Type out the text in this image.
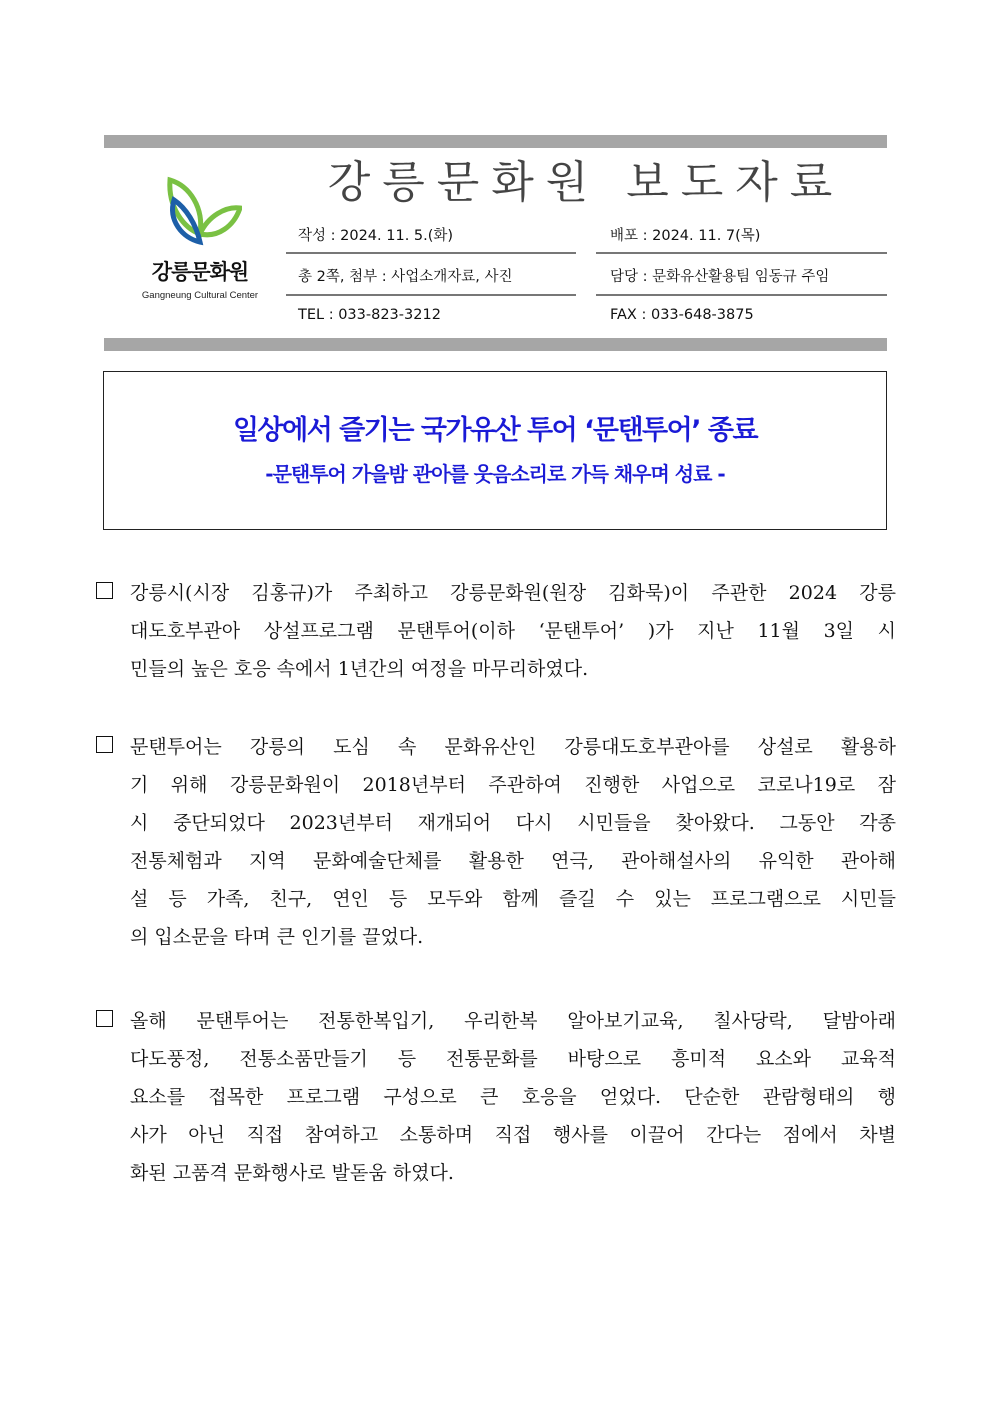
강릉문화원
Gangneung Cultural Center
강릉문화원 보도자료
작성 : 2024. 11. 5.(화)	배포 : 2024. 11. 7(목)
총 2쪽, 첨부 : 사업소개자료, 사진	담당 : 문화유산활용팀 임동규 주임
TEL : 033-823-3212	FAX : 033-648-3875
일상에서 즐기는 국가유산 투어 ‘문탠투어’ 종료
-문탠투어 가을밤 관아를 웃음소리로 가득 채우며 성료 -
강릉시(시장 김홍규)가 주최하고 강릉문화원(원장 김화묵)이 주관한 2024 강릉
대도호부관아 상설프로그램 문탠투어(이하 ‘문탠투어’ )가 지난 11월 3일 시
민들의 높은 호응 속에서 1년간의 여정을 마무리하였다.
문탠투어는 강릉의 도심 속 문화유산인 강릉대도호부관아를 상설로 활용하
기 위해 강릉문화원이 2018년부터 주관하여 진행한 사업으로 코로나19로 잠
시 중단되었다 2023년부터 재개되어 다시 시민들을 찾아왔다. 그동안 각종
전통체험과 지역 문화예술단체를 활용한 연극, 관아해설사의 유익한 관아해
설 등 가족, 친구, 연인 등 모두와 함께 즐길 수 있는 프로그램으로 시민들
의 입소문을 타며 큰 인기를 끌었다.
올해 문탠투어는 전통한복입기, 우리한복 알아보기교육, 칠사당락, 달밤아래
다도풍정, 전통소품만들기 등 전통문화를 바탕으로 흥미적 요소와 교육적
요소를 접목한 프로그램 구성으로 큰 호응을 얻었다. 단순한 관람형태의 행
사가 아닌 직접 참여하고 소통하며 직접 행사를 이끌어 간다는 점에서 차별
화된 고품격 문화행사로 발돋움 하였다.
